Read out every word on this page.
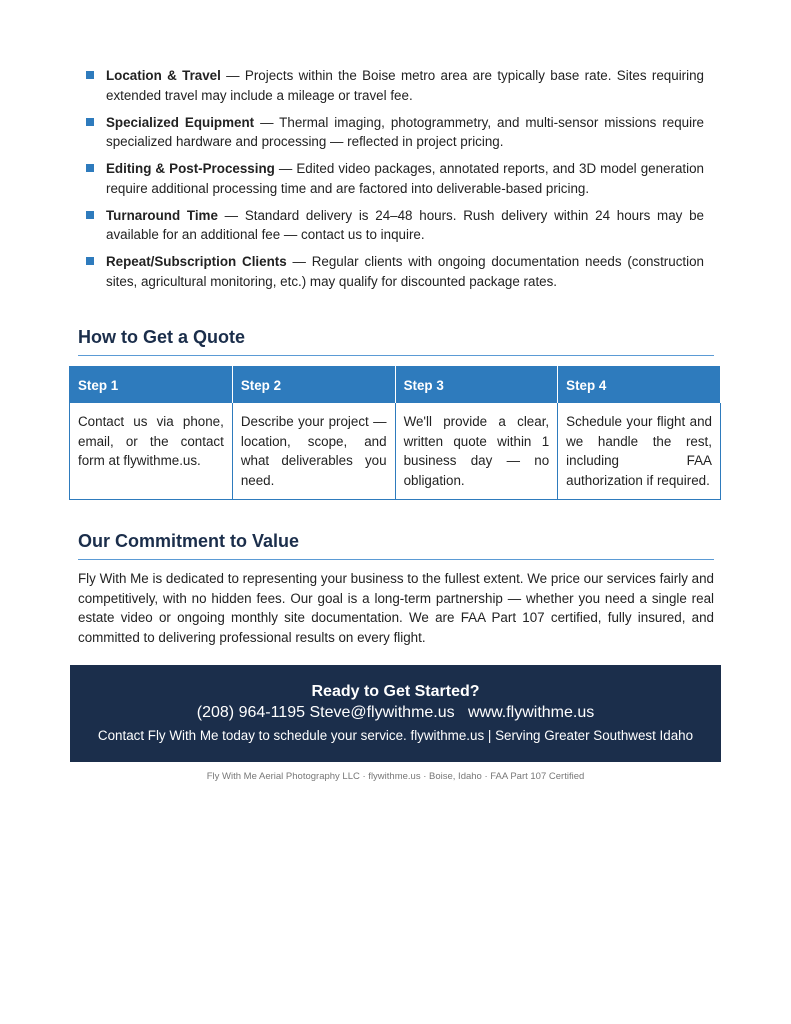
Location & Travel — Projects within the Boise metro area are typically base rate. Sites requiring extended travel may include a mileage or travel fee.
Specialized Equipment — Thermal imaging, photogrammetry, and multi-sensor missions require specialized hardware and processing — reflected in project pricing.
Editing & Post-Processing — Edited video packages, annotated reports, and 3D model generation require additional processing time and are factored into deliverable-based pricing.
Turnaround Time — Standard delivery is 24–48 hours. Rush delivery within 24 hours may be available for an additional fee — contact us to inquire.
Repeat/Subscription Clients — Regular clients with ongoing documentation needs (construction sites, agricultural monitoring, etc.) may qualify for discounted package rates.
How to Get a Quote
Step 1	Step 2	Step 3	Step 4
Contact us via phone, email, or the contact form at flywithme.us.	Describe your project — location, scope, and what deliverables you need.	We'll provide a clear, written quote within 1 business day — no obligation.	Schedule your flight and we handle the rest, including FAA authorization if required.
Our Commitment to Value
Fly With Me is dedicated to representing your business to the fullest extent. We price our services fairly and competitively, with no hidden fees. Our goal is a long-term partnership — whether you need a single real estate video or ongoing monthly site documentation. We are FAA Part 107 certified, fully insured, and committed to delivering professional results on every flight.
Ready to Get Started?
(208) 964-1195 Steve@flywithme.us www.flywithme.us
Contact Fly With Me today to schedule your service. flywithme.us | Serving Greater Southwest Idaho
Fly With Me Aerial Photography LLC · flywithme.us · Boise, Idaho · FAA Part 107 Certified
